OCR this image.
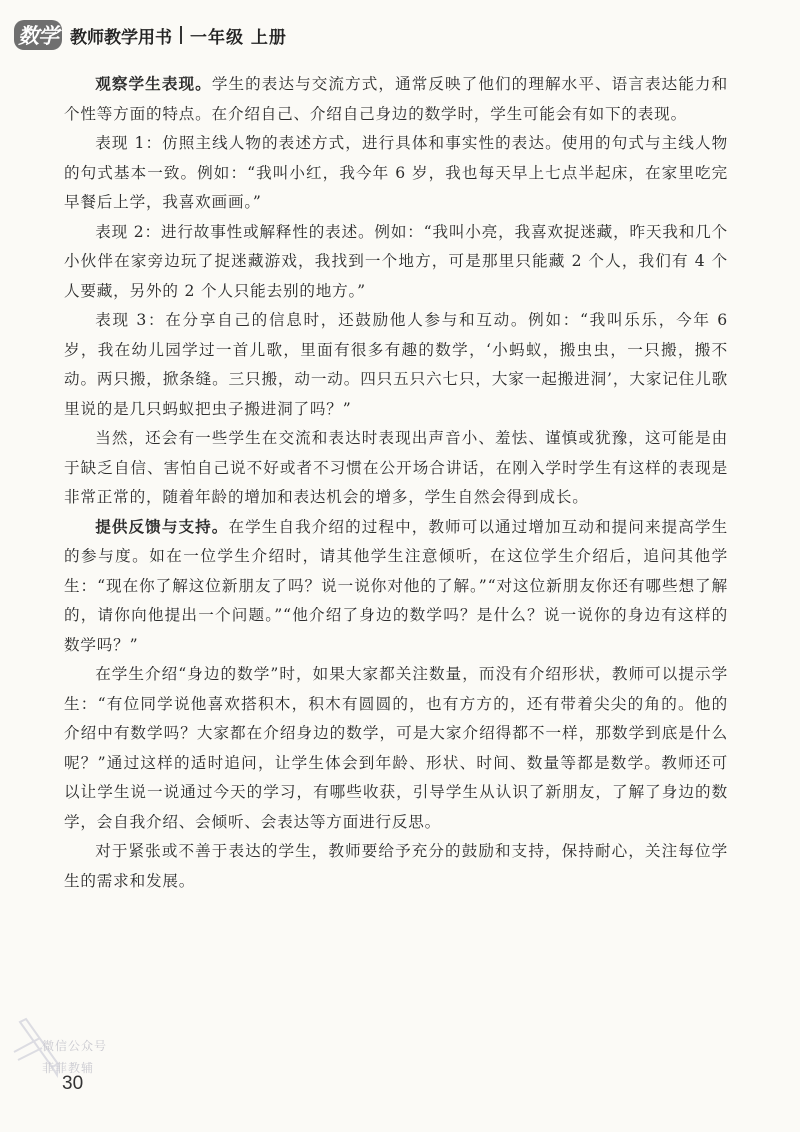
数学 教师教学用书 一年级 上册

观察学生表现。学生的表达与交流方式，通常反映了他们的理解水平、语言表达能力和个性等方面的特点。在介绍自己、介绍自己身边的数学时，学生可能会有如下的表现。

表现 1：仿照主线人物的表述方式，进行具体和事实性的表达。使用的句式与主线人物的句式基本一致。例如：“我叫小红，我今年 6 岁，我也每天早上七点半起床，在家里吃完早餐后上学，我喜欢画画。”

表现 2：进行故事性或解释性的表述。例如：“我叫小亮，我喜欢捉迷藏，昨天我和几个小伙伴在家旁边玩了捉迷藏游戏，我找到一个地方，可是那里只能藏 2 个人，我们有 4 个人要藏，另外的 2 个人只能去别的地方。”

表现 3：在分享自己的信息时，还鼓励他人参与和互动。例如：“我叫乐乐，今年 6 岁，我在幼儿园学过一首儿歌，里面有很多有趣的数学，‘小蚂蚁，搬虫虫，一只搬，搬不动。两只搬，掀条缝。三只搬，动一动。四只五只六七只，大家一起搬进洞’，大家记住儿歌里说的是几只蚂蚁把虫子搬进洞了吗？”

当然，还会有一些学生在交流和表达时表现出声音小、羞怯、谨慎或犹豫，这可能是由于缺乏自信、害怕自己说不好或者不习惯在公开场合讲话，在刚入学时学生有这样的表现是非常正常的，随着年龄的增加和表达机会的增多，学生自然会得到成长。

提供反馈与支持。在学生自我介绍的过程中，教师可以通过增加互动和提问来提高学生的参与度。如在一位学生介绍时，请其他学生注意倾听，在这位学生介绍后，追问其他学生：“现在你了解这位新朋友了吗？说一说你对他的了解。”“对这位新朋友你还有哪些想了解的，请你向他提出一个问题。”“他介绍了身边的数学吗？是什么？说一说你的身边有这样的数学吗？”

在学生介绍“身边的数学”时，如果大家都关注数量，而没有介绍形状，教师可以提示学生：“有位同学说他喜欢搭积木，积木有圆圆的，也有方方的，还有带着尖尖的角的。他的介绍中有数学吗？大家都在介绍身边的数学，可是大家介绍得都不一样，那数学到底是什么呢？”通过这样的适时追问，让学生体会到年龄、形状、时间、数量等都是数学。教师还可以让学生说一说通过今天的学习，有哪些收获，引导学生从认识了新朋友，了解了身边的数学，会自我介绍、会倾听、会表达等方面进行反思。

对于紧张或不善于表达的学生，教师要给予充分的鼓励和支持，保持耐心，关注每位学生的需求和发展。

微信公众号
菲菲教辅
30
